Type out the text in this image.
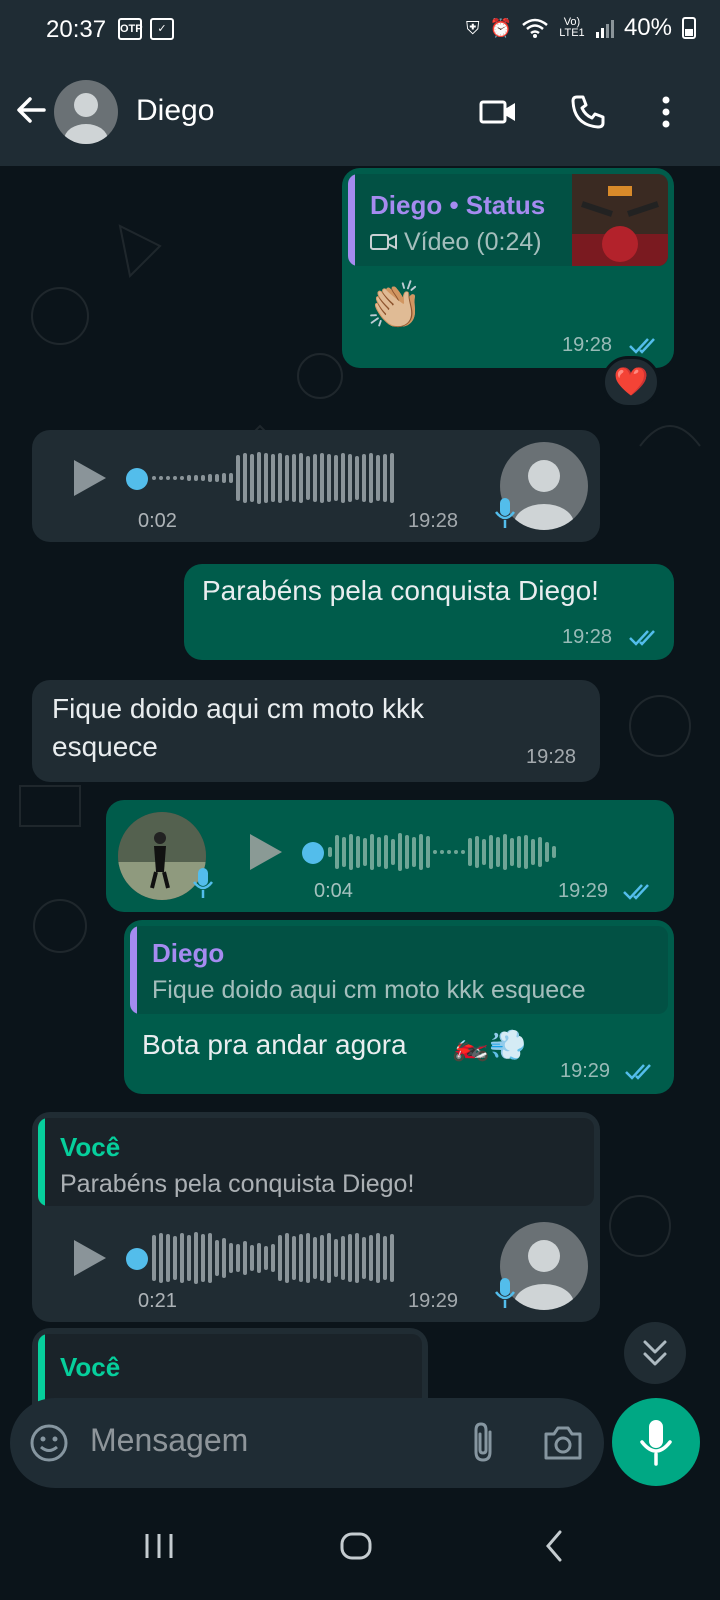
20:37 OTP	✓	⛨ ⏰	Vo) LTE1 40%
Diego
Diego • Status
Vídeo (0:24)
👏🏼
19:28
❤️
0:02	19:28
Parabéns pela conquista Diego!
19:28
Fique doido aqui cm moto kkk
esquece	19:28
0:04	19:29
Diego
Fique doido aqui cm moto kkk esquece
Bota pra andar agora 🏍️💨
19:29
Você
Parabéns pela conquista Diego!
0:21	19:29
Você
Mensagem
